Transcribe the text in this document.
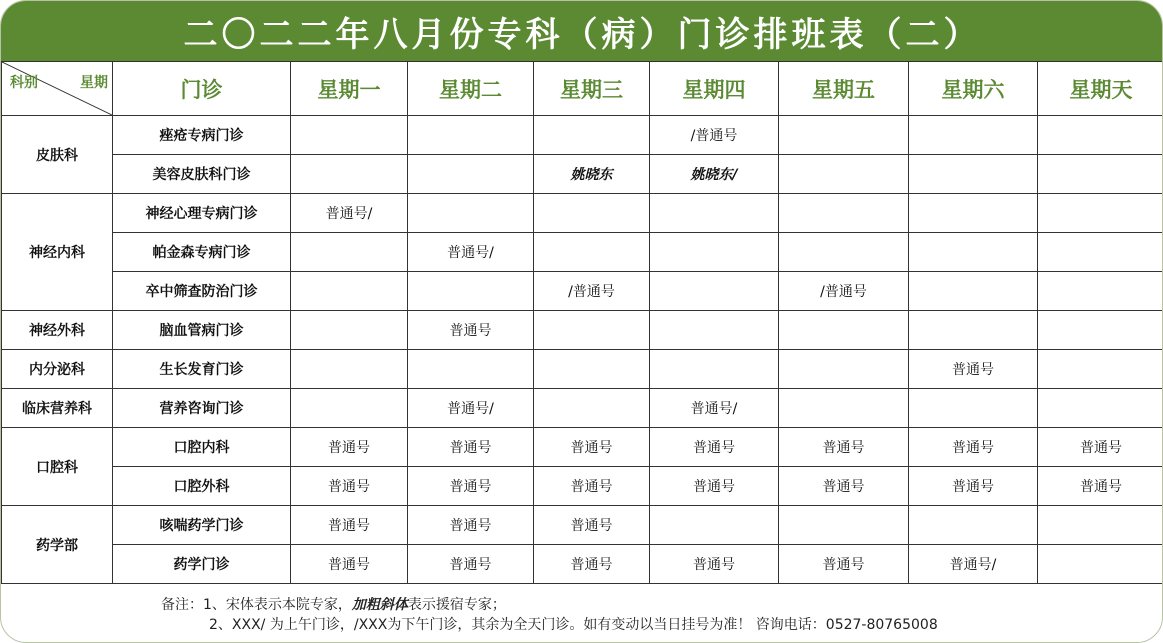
二〇二二年八月份专科（病）门诊排班表（二）
科别 星期	门诊	星期一	星期二	星期三	星期四	星期五	星期六	星期天
皮肤科	痤疮专病门诊				/普通号			
	美容皮肤科门诊			姚晓东	姚晓东/			
神经内科	神经心理专病门诊	普通号/						
	帕金森专病门诊		普通号/					
	卒中筛查防治门诊			/普通号		/普通号		
神经外科	脑血管病门诊		普通号					
内分泌科	生长发育门诊						普通号	
临床营养科	营养咨询门诊		普通号/		普通号/			
口腔科	口腔内科	普通号	普通号	普通号	普通号	普通号	普通号	普通号
	口腔外科	普通号	普通号	普通号	普通号	普通号	普通号	普通号
药学部	咳喘药学门诊	普通号	普通号	普通号				
	药学门诊	普通号	普通号	普通号	普通号	普通号	普通号/	
备注：1、宋体表示本院专家，加粗斜体表示援宿专家；
2、XXX/ 为上午门诊，/XXX为下午门诊，其余为全天门诊。如有变动以当日挂号为准！ 咨询电话：0527-80765008
